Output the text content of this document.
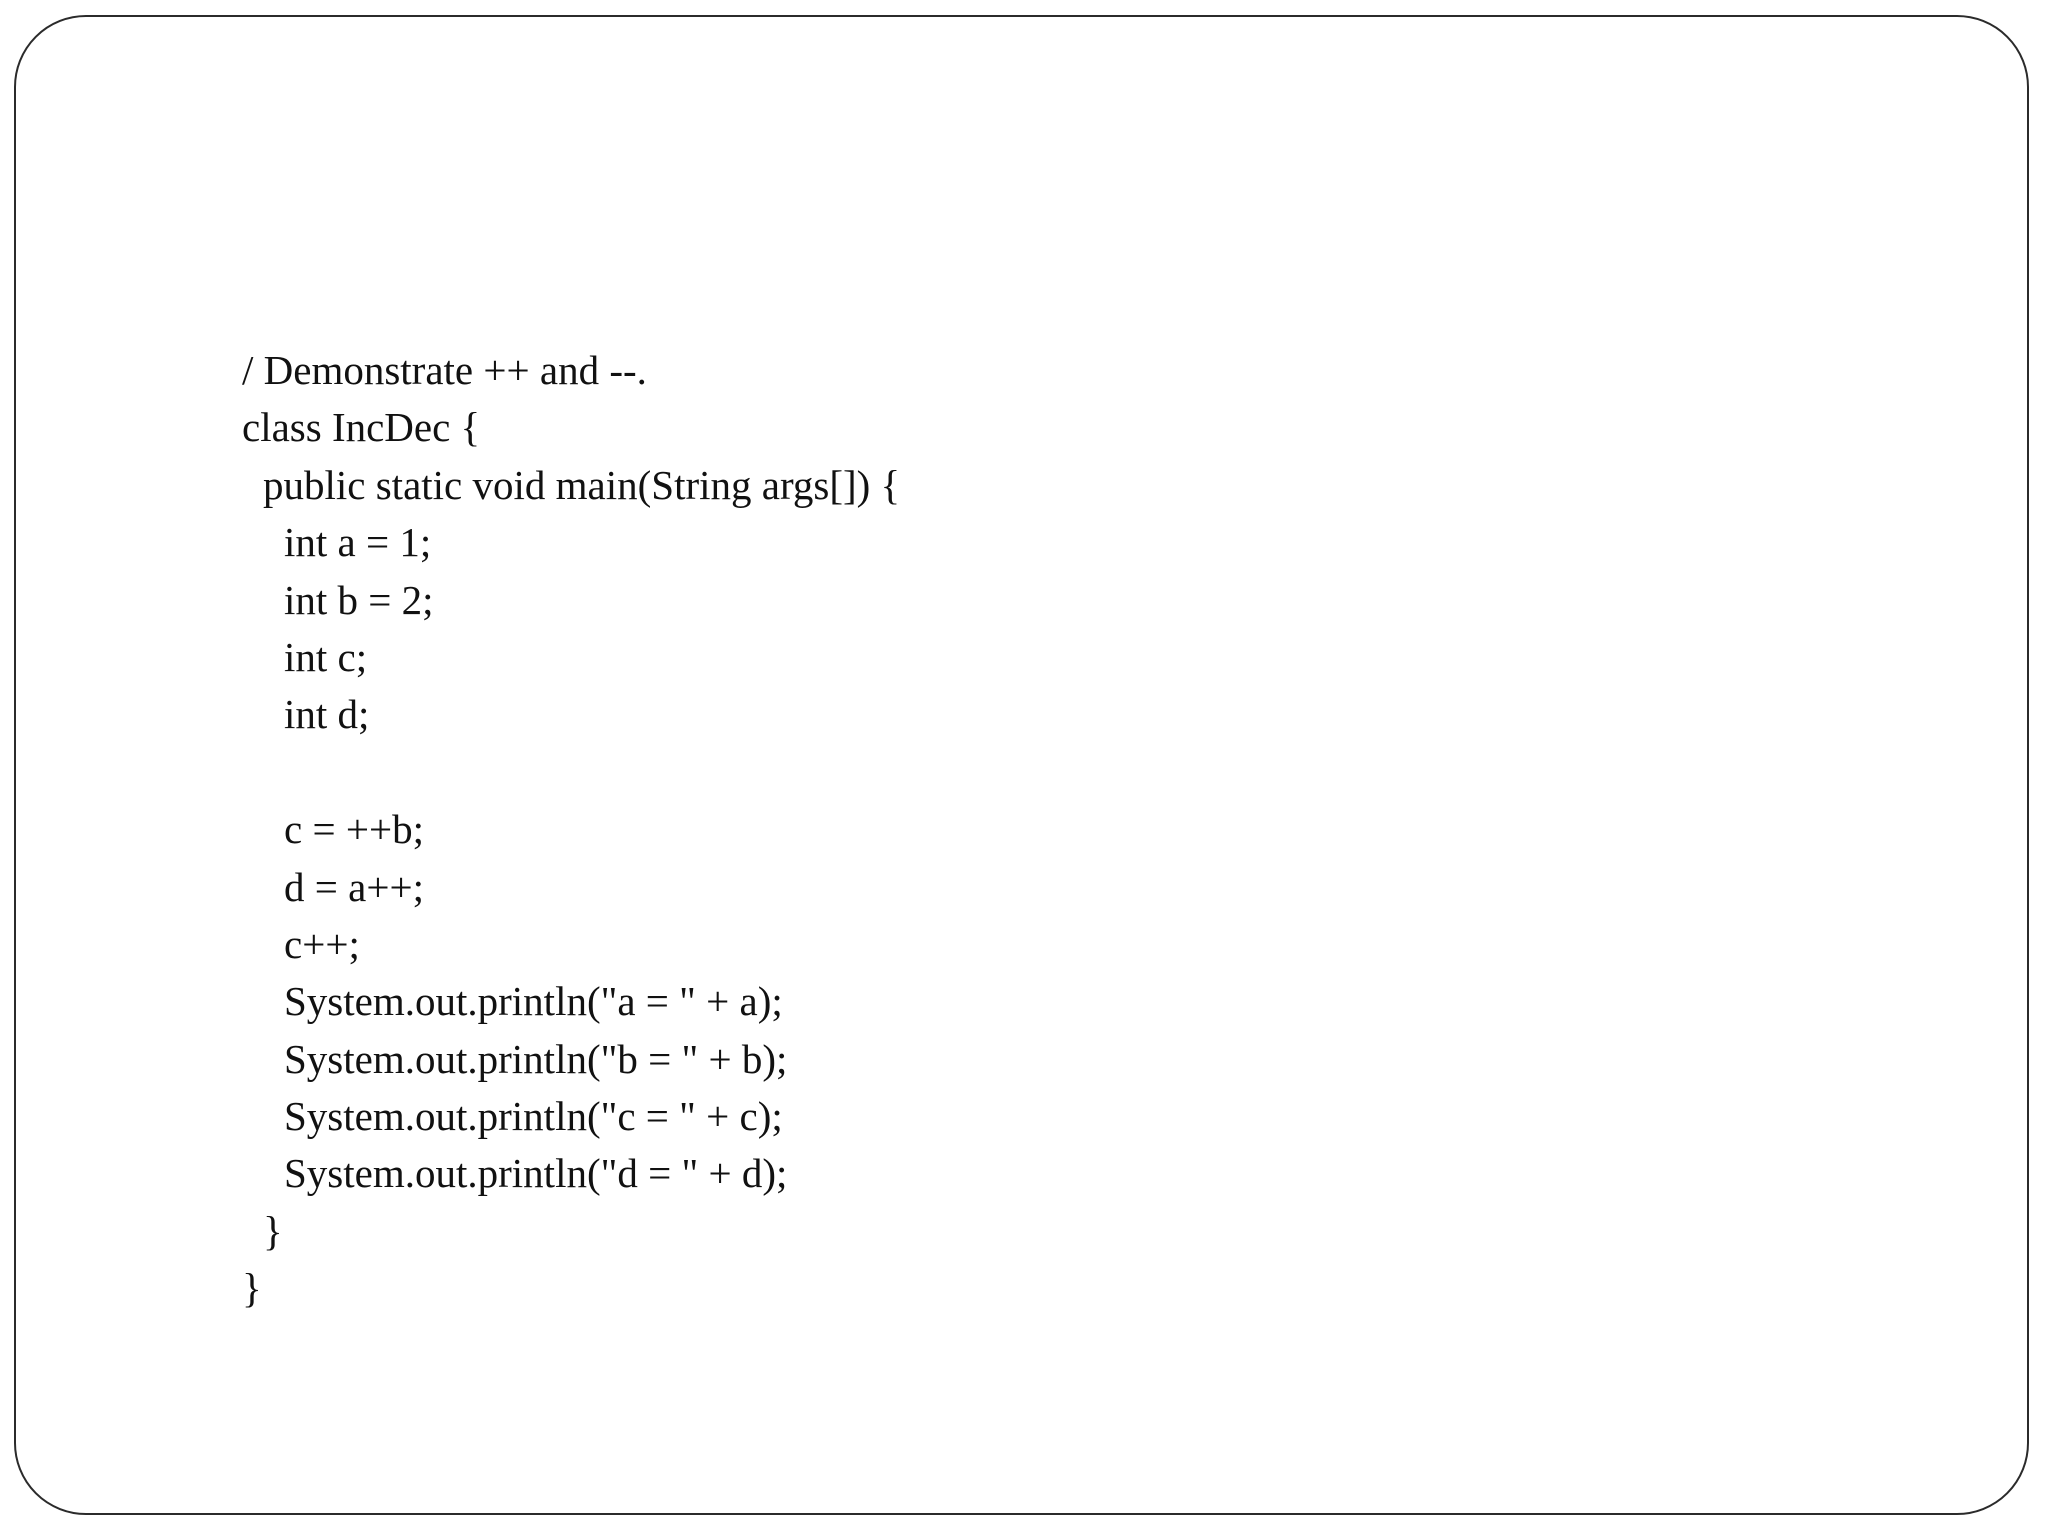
/ Demonstrate ++ and --.
class IncDec {
public static void main(String args[]) {
int a = 1;
int b = 2;
int c;
int d;
c = ++b;
d = a++;
c++;
System.out.println("a = " + a);
System.out.println("b = " + b);
System.out.println("c = " + c);
System.out.println("d = " + d);
}
}
